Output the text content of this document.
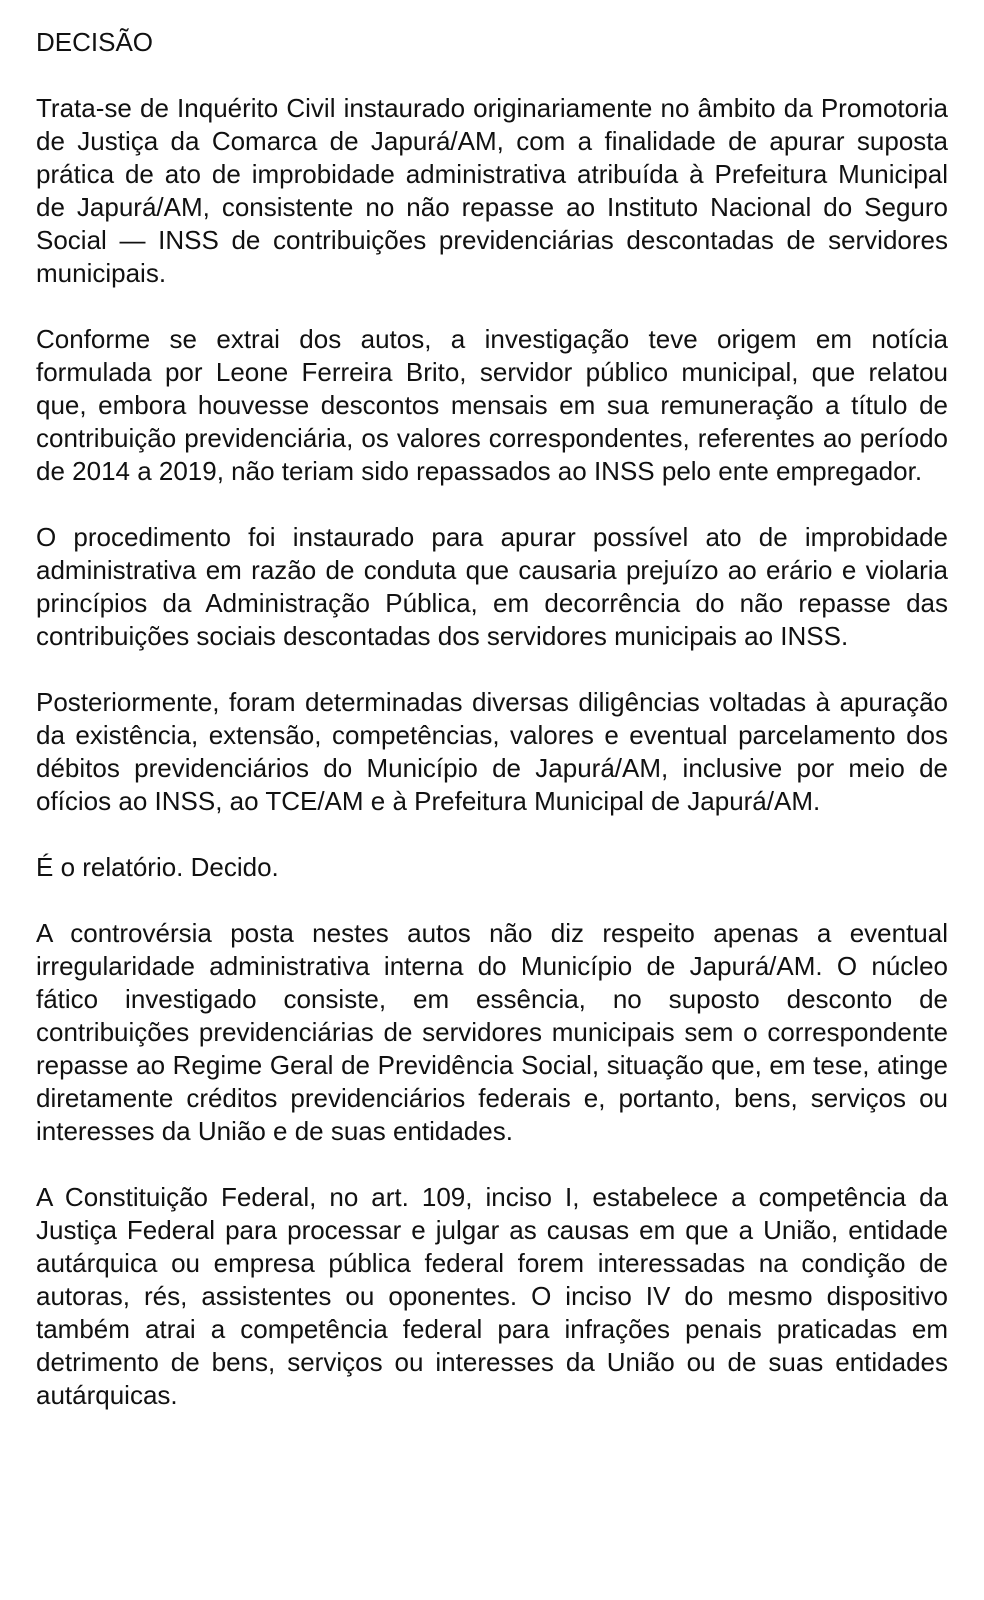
DECISÃO

Trata-se de Inquérito Civil instaurado originariamente no âmbito da Promotoria de Justiça da Comarca de Japurá/AM, com a finalidade de apurar suposta prática de ato de improbidade administrativa atribuída à Prefeitura Municipal de Japurá/AM, consistente no não repasse ao Instituto Nacional do Seguro Social — INSS de contribuições previdenciárias descontadas de servidores municipais.

Conforme se extrai dos autos, a investigação teve origem em notícia formulada por Leone Ferreira Brito, servidor público municipal, que relatou que, embora houvesse descontos mensais em sua remuneração a título de contribuição previdenciária, os valores correspondentes, referentes ao período de 2014 a 2019, não teriam sido repassados ao INSS pelo ente empregador.

O procedimento foi instaurado para apurar possível ato de improbidade administrativa em razão de conduta que causaria prejuízo ao erário e violaria princípios da Administração Pública, em decorrência do não repasse das contribuições sociais descontadas dos servidores municipais ao INSS.

Posteriormente, foram determinadas diversas diligências voltadas à apuração da existência, extensão, competências, valores e eventual parcelamento dos débitos previdenciários do Município de Japurá/AM, inclusive por meio de ofícios ao INSS, ao TCE/AM e à Prefeitura Municipal de Japurá/AM.

É o relatório. Decido.

A controvérsia posta nestes autos não diz respeito apenas a eventual irregularidade administrativa interna do Município de Japurá/AM. O núcleo fático investigado consiste, em essência, no suposto desconto de contribuições previdenciárias de servidores municipais sem o correspondente repasse ao Regime Geral de Previdência Social, situação que, em tese, atinge diretamente créditos previdenciários federais e, portanto, bens, serviços ou interesses da União e de suas entidades.

A Constituição Federal, no art. 109, inciso I, estabelece a competência da Justiça Federal para processar e julgar as causas em que a União, entidade autárquica ou empresa pública federal forem interessadas na condição de autoras, rés, assistentes ou oponentes. O inciso IV do mesmo dispositivo também atrai a competência federal para infrações penais praticadas em detrimento de bens, serviços ou interesses da União ou de suas entidades autárquicas.
